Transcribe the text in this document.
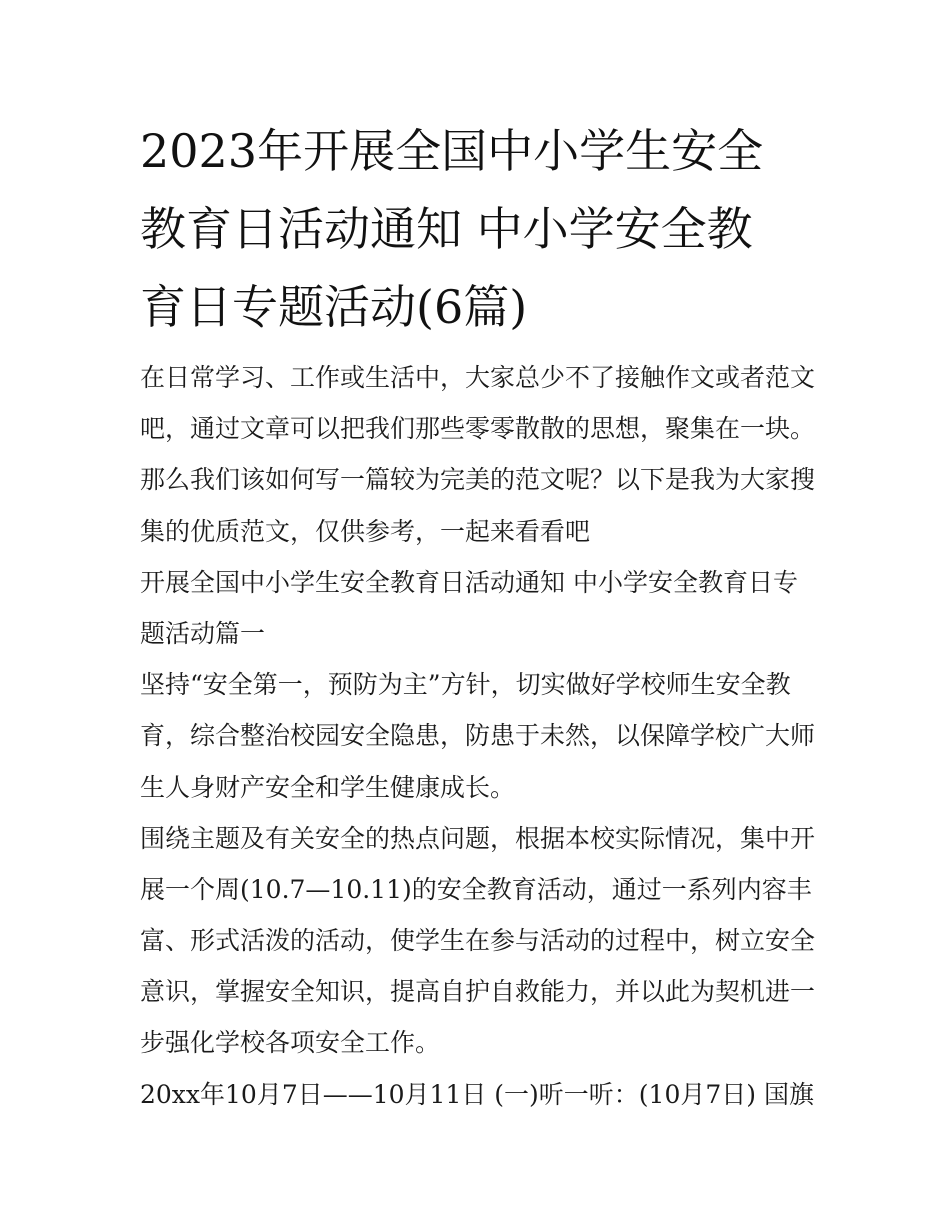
2023年开展全国中小学生安全
教育日活动通知 中小学安全教
育日专题活动(6篇)
在日常学习、工作或生活中，大家总少不了接触作文或者范文
吧，通过文章可以把我们那些零零散散的思想，聚集在一块。
那么我们该如何写一篇较为完美的范文呢？以下是我为大家搜
集的优质范文，仅供参考，一起来看看吧
开展全国中小学生安全教育日活动通知 中小学安全教育日专
题活动篇一
坚持“安全第一，预防为主”方针，切实做好学校师生安全教
育，综合整治校园安全隐患，防患于未然，以保障学校广大师
生人身财产安全和学生健康成长。
围绕主题及有关安全的热点问题，根据本校实际情况，集中开
展一个周(10.7—10.11)的安全教育活动，通过一系列内容丰
富、形式活泼的活动，使学生在参与活动的过程中，树立安全
意识，掌握安全知识，提高自护自救能力，并以此为契机进一
步强化学校各项安全工作。
20xx年10月7日——10月11日 (一)听一听：(10月7日) 国旗
